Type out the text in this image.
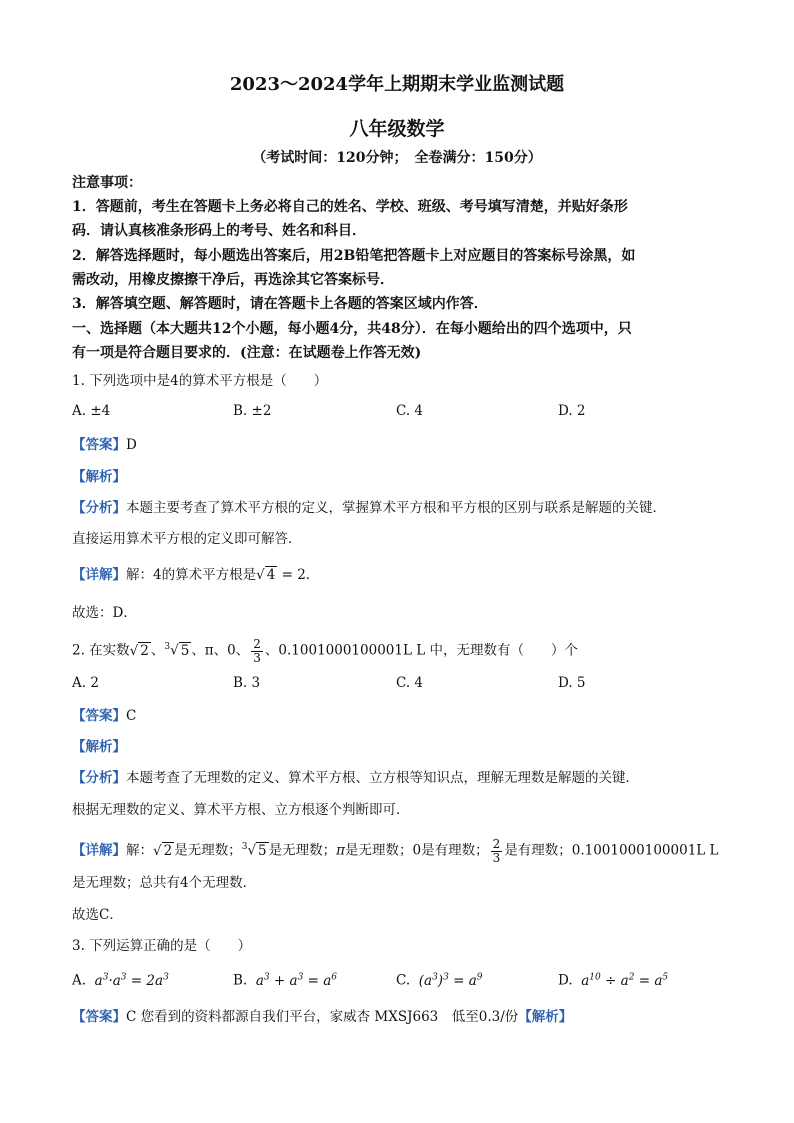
2023～2024学年上期期末学业监测试题
八年级数学
（考试时间：120分钟；　全卷满分：150分）
注意事项：
1．答题前，考生在答题卡上务必将自己的姓名、学校、班级、考号填写清楚，并贴好条形
码．请认真核准条形码上的考号、姓名和科目．
2．解答选择题时，每小题选出答案后，用2B铅笔把答题卡上对应题目的答案标号涂黑，如
需改动，用橡皮擦擦干净后，再选涂其它答案标号．
3．解答填空题、解答题时，请在答题卡上各题的答案区域内作答．
一、选择题（本大题共12个小题，每小题4分，共48分）．在每小题给出的四个选项中，只
有一项是符合题目要求的．(注意：在试题卷上作答无效)
1. 下列选项中是4的算术平方根是（　　）
A. ±4	B. ±2	C. 4	D. 2
【答案】D
【解析】
【分析】本题主要考查了算术平方根的定义，掌握算术平方根和平方根的区别与联系是解题的关键．
直接运用算术平方根的定义即可解答．
【详解】解：4的算术平方根是√ 4 = 2．
故选：D．
2. 在实数√ 2 、$^3$√ 5 、π、0、 $\frac{2}{3}$ 、0.1001000100001L L 中，无理数有（　　）个
A. 2	B. 3	C. 4	D. 5
【答案】C
【解析】
【分析】本题考查了无理数的定义、算术平方根、立方根等知识点，理解无理数是解题的关键．
根据无理数的定义、算术平方根、立方根逐个判断即可．
【详解】解：√ 2 是无理数；$^3$√ 5 是无理数；π是无理数；0是有理数； $\frac{2}{3}$ 是有理数；0.1001000100001L L
是无理数；总共有4个无理数．
故选C．
3. 下列运算正确的是（　　）
A. $a^3\cdot a^3 = 2a^3$	B. $a^3 + a^3 = a^6$	C. $(a^3)^3 = a^9$	D. $a^{10} \div a^2 = a^5$
【答案】C 您看到的资料都源自我们平台，家威杏 MXSJ663　低至0.3/份【解析】
